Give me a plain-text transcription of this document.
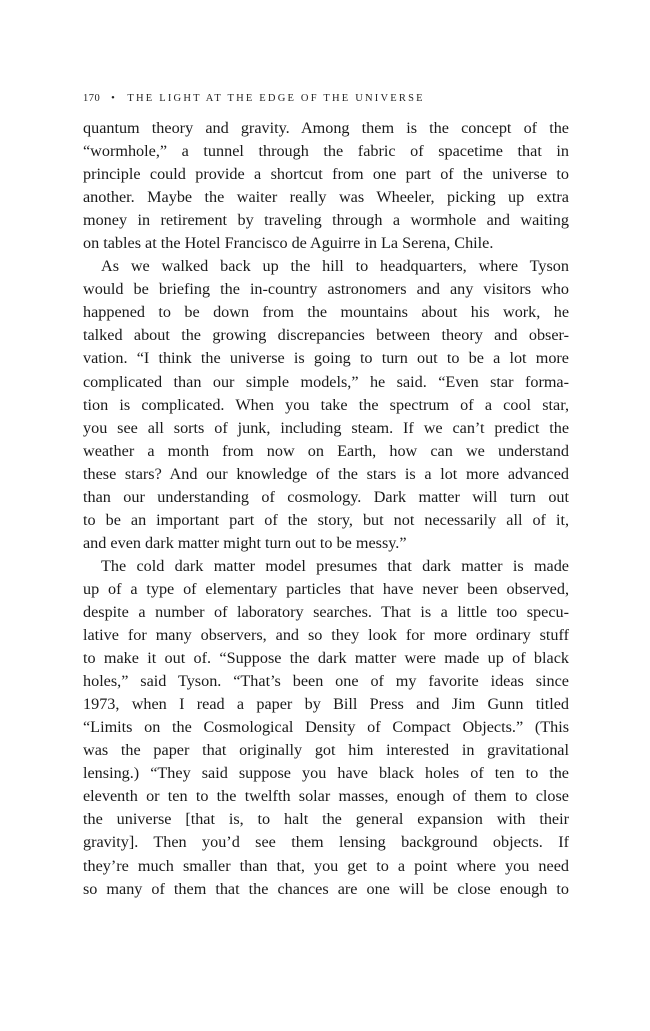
170 • THE LIGHT AT THE EDGE OF THE UNIVERSE

quantum theory and gravity. Among them is the concept of the
“wormhole,” a tunnel through the fabric of spacetime that in
principle could provide a shortcut from one part of the universe to
another. Maybe the waiter really was Wheeler, picking up extra
money in retirement by traveling through a wormhole and waiting
on tables at the Hotel Francisco de Aguirre in La Serena, Chile.

As we walked back up the hill to headquarters, where Tyson
would be briefing the in-country astronomers and any visitors who
happened to be down from the mountains about his work, he
talked about the growing discrepancies between theory and obser-
vation. “I think the universe is going to turn out to be a lot more
complicated than our simple models,” he said. “Even star forma-
tion is complicated. When you take the spectrum of a cool star,
you see all sorts of junk, including steam. If we can’t predict the
weather a month from now on Earth, how can we understand
these stars? And our knowledge of the stars is a lot more advanced
than our understanding of cosmology. Dark matter will turn out
to be an important part of the story, but not necessarily all of it,
and even dark matter might turn out to be messy.”

The cold dark matter model presumes that dark matter is made
up of a type of elementary particles that have never been observed,
despite a number of laboratory searches. That is a little too specu-
lative for many observers, and so they look for more ordinary stuff
to make it out of. “Suppose the dark matter were made up of black
holes,” said Tyson. “That’s been one of my favorite ideas since
1973, when I read a paper by Bill Press and Jim Gunn titled
“Limits on the Cosmological Density of Compact Objects.” (This
was the paper that originally got him interested in gravitational
lensing.) “They said suppose you have black holes of ten to the
eleventh or ten to the twelfth solar masses, enough of them to close
the universe [that is, to halt the general expansion with their
gravity]. Then you’d see them lensing background objects. If
they’re much smaller than that, you get to a point where you need
so many of them that the chances are one will be close enough to
